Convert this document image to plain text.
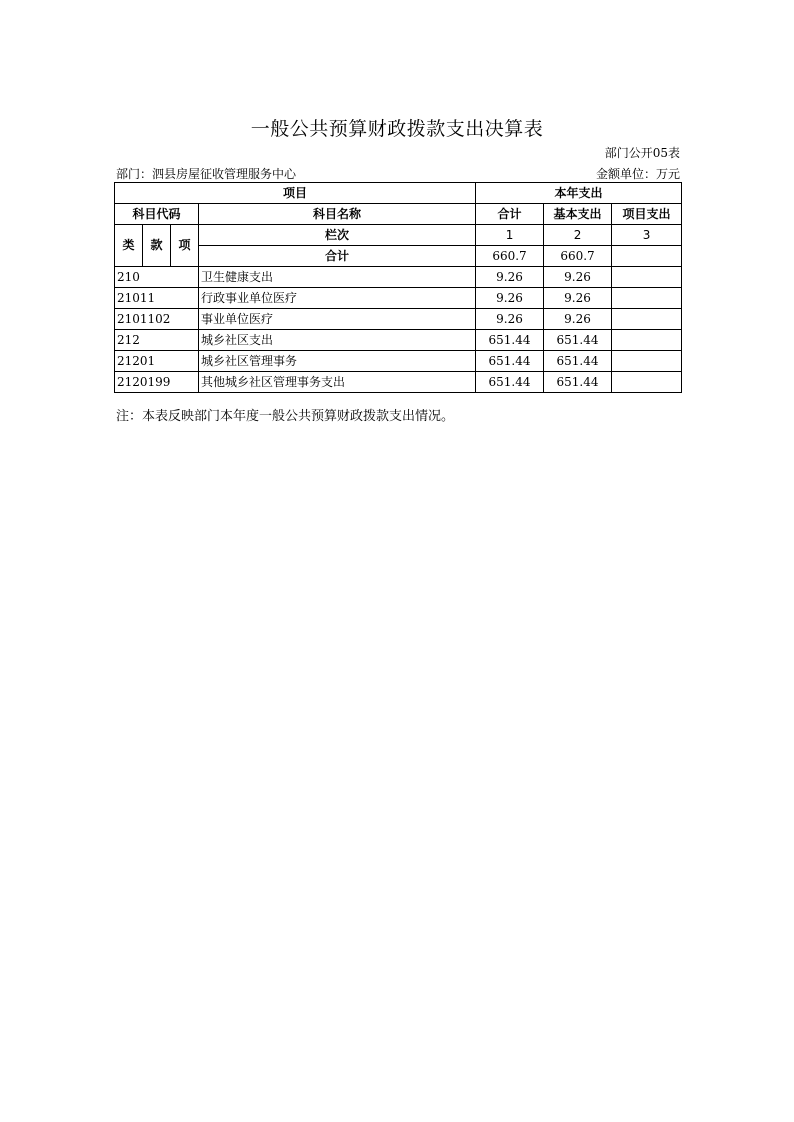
一般公共预算财政拨款支出决算表
部门公开05表
部门：泗县房屋征收管理服务中心	金额单位：万元
项目				本年支出		
科目代码			科目名称	合计	基本支出	项目支出
类	款	项	栏次	1	2	3
			合计	660.7	660.7	
210			卫生健康支出	9.26	9.26	
21011			行政事业单位医疗	9.26	9.26	
2101102			事业单位医疗	9.26	9.26	
212			城乡社区支出	651.44	651.44	
21201			城乡社区管理事务	651.44	651.44	
2120199			其他城乡社区管理事务支出	651.44	651.44	
注：本表反映部门本年度一般公共预算财政拨款支出情况。
